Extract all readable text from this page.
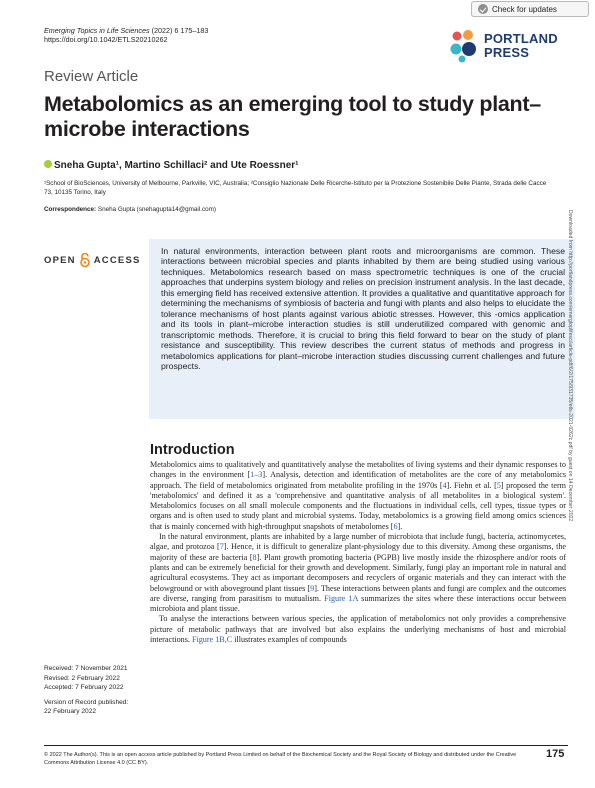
Check for updates
Emerging Topics in Life Sciences (2022) 6 175–183
https://doi.org/10.1042/ETLS20210262	PORTLAND
PRESS
Review Article
Metabolomics as an emerging tool to study plant–microbe interactions
Sneha Gupta¹, Martino Schillaci² and Ute Roessner¹
¹School of BioSciences, University of Melbourne, Parkville, VIC, Australia; ²Consiglio Nazionale Delle Ricerche-Istituto per la Protezione Sostenibile Delle Piante, Strada delle Cacce 73, 10135 Torino, Italy
Correspondence: Sneha Gupta (snehagupta14@gmail.com)
OPEN ACCESS
In natural environments, interaction between plant roots and microorganisms are common. These interactions between microbial species and plants inhabited by them are being studied using various techniques. Metabolomics research based on mass spectrometric techniques is one of the crucial approaches that underpins system biology and relies on precision instrument analysis. In the last decade, this emerging field has received extensive attention. It provides a qualitative and quantitative approach for determining the mechanisms of symbiosis of bacteria and fungi with plants and also helps to elucidate the tolerance mechanisms of host plants against various abiotic stresses. However, this -omics application and its tools in plant–microbe interaction studies is still underutilized compared with genomic and transcriptomic methods. Therefore, it is crucial to bring this field forward to bear on the study of plant resistance and susceptibility. This review describes the current status of methods and progress in metabolomics applications for plant–microbe interaction studies discussing current challenges and future prospects.	Downloaded from http://portlandpress.com/emergtoplifesci/article-pdf/6/2/175/931735/etls-2021-0262c.pdf by guest on 14 December 2022
Introduction

Metabolomics aims to qualitatively and quantitatively analyse the metabolites of living systems and their dynamic responses to changes in the environment [1–3]. Analysis, detection and identification of metabolites are the core of any metabolomics approach. The field of metabolomics originated from metabolite profiling in the 1970s [4]. Fiehn et al. [5] proposed the term 'metabolomics' and defined it as a 'comprehensive and quantitative analysis of all metabolites in a biological system'. Metabolomics focuses on all small molecule components and the fluctuations in individual cells, cell types, tissue types or organs and is often used to study plant and microbial systems. Today, metabolomics is a growing field among omics sciences that is mainly concerned with high-throughput snapshots of metabolomes [6].

In the natural environment, plants are inhabited by a large number of microbiota that include fungi, bacteria, actinomycetes, algae, and protozoa [7]. Hence, it is difficult to generalize plant-physiology due to this diversity. Among these organisms, the majority of these are bacteria [8]. Plant growth promoting bacteria (PGPB) live mostly inside the rhizosphere and/or roots of plants and can be extremely beneficial for their growth and development. Similarly, fungi play an important role in natural and agricultural ecosystems. They act as important decomposers and recyclers of organic materials and they can interact with the belowground or with aboveground plant tissues [9]. These interactions between plants and fungi are complex and the outcomes are diverse, ranging from parasitism to mutualism. Figure 1A summarizes the sites where these interactions occur between microbiota and plant tissue.

To analyse the interactions between various species, the application of metabolomics not only provides a comprehensive picture of metabolic pathways that are involved but also explains the underlying mechanisms of host and microbial interactions. Figure 1B,C illustrates examples of compounds

Received: 7 November 2021
Revised: 2 February 2022
Accepted: 7 February 2022
Version of Record published:
22 February 2022
© 2022 The Author(s). This is an open access article published by Portland Press Limited on behalf of the Biochemical Society and the Royal Society of Biology and distributed under the Creative Commons Attribution License 4.0 (CC BY).
175
